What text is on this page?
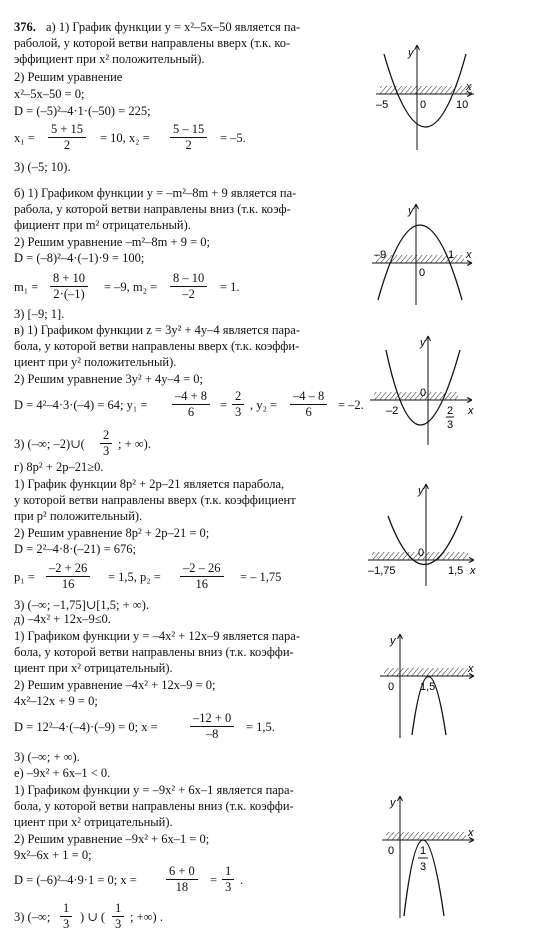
376. а) 1) График функции y = x²–5x–50 является па-
раболой, у которой ветви направлены вверх (т.к. ко-
эффициент при x² положительный).
2) Решим уравнение
x²–5x–50 = 0;
D = (–5)²–4·1·(–50) = 225;
$x_1 = \frac{5 + 15}{2} = 10$, $x_2 = \frac{5 - 15}{2} = -5$.
3) (–5; 10).
y
x
–5	0	10
б) 1) Графиком функции y = –m²–8m + 9 является па-
рабола, у которой ветви направлены вниз (т.к. коэф-
фициент при m² отрицательный).
2) Решим уравнение –m²–8m + 9 = 0;
D = (–8)²–4·(–1)·9 = 100;
$m_1 = \frac{8 + 10}{2\cdot(-1)} = -9$, $m_2 = \frac{8 - 10}{-2} = 1$.
3) [–9; 1].
y
x
–9
0
1
в) 1) Графиком функции z = 3y² + 4y–4 является пара-
бола, у которой ветви направлены вверх (т.к. коэффи-
циент при y² положительный).
2) Решим уравнение 3y² + 4y–4 = 0;
D = 4²–4·3·(–4) = 64; $y_1 = \frac{-4 + 8}{6} = \frac{2}{3}$ , $y_2 = \frac{-4 - 8}{6} = -2$.
3) (–∞; –2)∪( $\frac{2}{3}$ ; + ∞).
y
x
–2
0
2
3
г) 8p² + 2p–21≥0.
1) График функции 8p² + 2p–21 является парабола,
у которой ветви направлены вверх (т.к. коэффициент
при p² положительный).
2) Решим уравнение 8p² + 2p–21 = 0;
D = 2²–4·8·(–21) = 676;
$p_1 = \frac{-2 + 26}{16} = 1,5$, $p_2 = \frac{-2 - 26}{16}$ = – 1,75
3) (–∞; –1,75]∪[1,5; + ∞).
y
x
–1,75
0
1,5
д) –4x² + 12x–9≤0.
1) Графиком функции y = –4x² + 12x–9 является пара-
бола, у которой ветви направлены вниз (т.к. коэффи-
циент при x² отрицательный).
2) Решим уравнение –4x² + 12x–9 = 0;
4x²–12x + 9 = 0;
D = 12²–4·(–4)·(–9) = 0; x =	$\frac{-12 + 0}{-8} = 1,5$.
3) (–∞; + ∞).
y
x
0 1,5
е) –9x² + 6x–1 < 0.
1) Графиком функции y = –9x² + 6x–1 является пара-
бола, у которой ветви направлены вниз (т.к. коэффи-
циент при x² отрицательный).
2) Решим уравнение –9x² + 6x–1 = 0;
9x²–6x + 1 = 0;
D = (–6)²–4·9·1 = 0; $x = \frac{6 + 0}{18} = \frac{1}{3}$ .
3) (–∞; $\frac{1}{3}$ ) ∪ ( $\frac{1}{3}$ ; +∞) .
y
x
0 1
3
